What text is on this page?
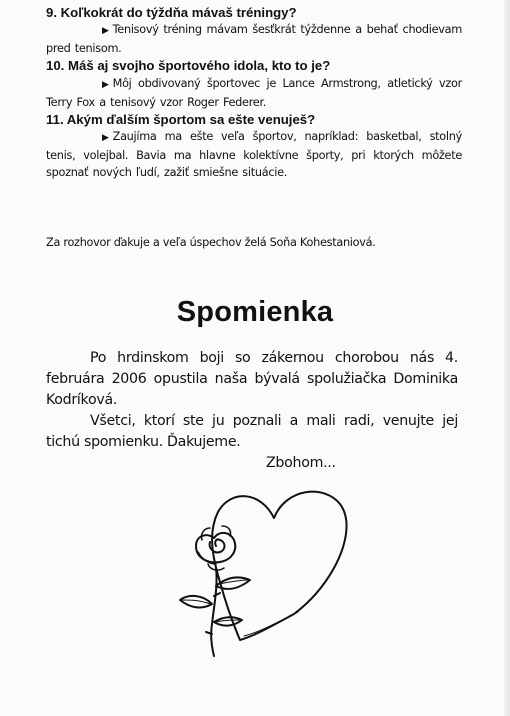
9. Koľkokrát do týždňa mávaš tréningy?

▶ Tenisový tréning mávam šesťkrát týždenne a behať chodievam pred tenisom.

10. Máš aj svojho športového idola, kto to je?

▶ Môj obdivovaný športovec je Lance Armstrong, atletický vzor Terry Fox a tenisový vzor Roger Federer.

11. Akým ďalším športom sa ešte venuješ?

▶ Zaujíma ma ešte veľa športov, napríklad: basketbal, stolný tenis, volejbal. Bavia ma hlavne kolektívne športy, pri ktorých môžete spoznať nových ľudí, zažiť smiešne situácie.

Za rozhovor ďakuje a veľa úspechov želá Soňa Kohestaniová.
Spomienka

Po hrdinskom boji so zákernou chorobou nás 4. februára 2006 opustila naša bývalá spolužiačka Dominika Kodríková.

Všetci, ktorí ste ju poznali a mali radi, venujte jej tichú spomienku. Ďakujeme.

Zbohom...
